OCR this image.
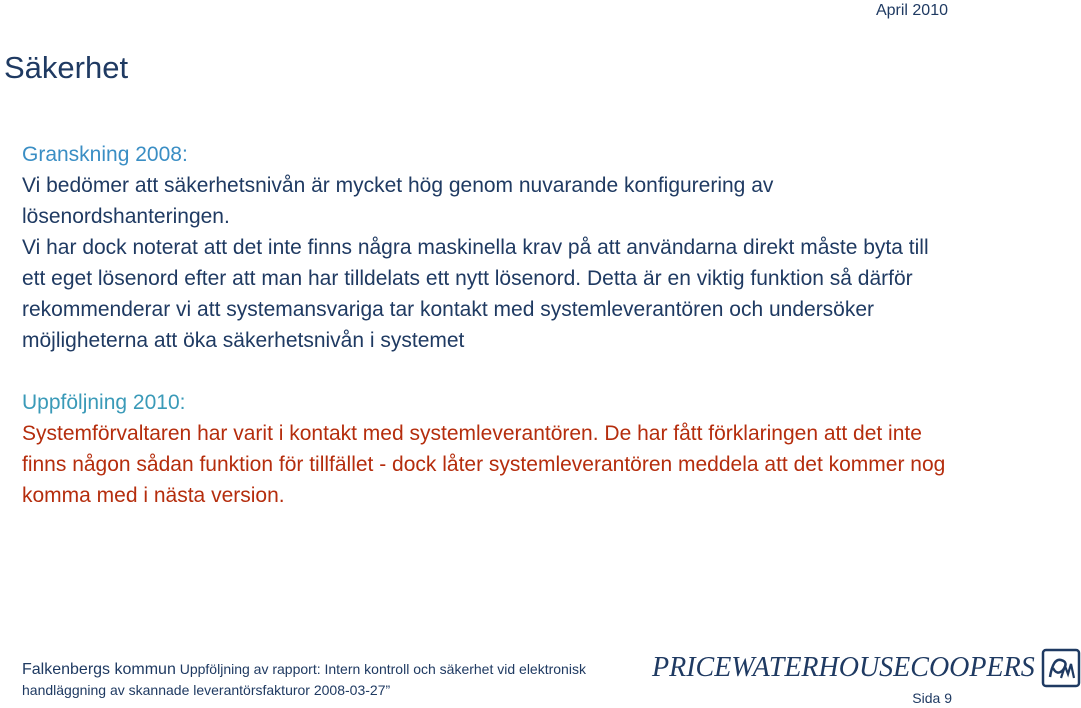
April 2010
Säkerhet

Granskning 2008:

Vi bedömer att säkerhetsnivån är mycket hög genom nuvarande konfigurering av lösenordshanteringen.

Vi har dock noterat att det inte finns några maskinella krav på att användarna direkt måste byta till ett eget lösenord efter att man har tilldelats ett nytt lösenord. Detta är en viktig funktion så därför rekommenderar vi att systemansvariga tar kontakt med systemleverantören och undersöker möjligheterna att öka säkerhetsnivån i systemet

Uppföljning 2010:

Systemförvaltaren har varit i kontakt med systemleverantören. De har fått förklaringen att det inte finns någon sådan funktion för tillfället - dock låter systemleverantören meddela att det kommer nog komma med i nästa version.

Falkenbergs kommun Uppföljning av rapport: Intern kontroll och säkerhet vid elektronisk
handläggning av skannade leverantörsfakturor 2008-03-27”
PRICEWATERHOUSECOOPERS
Sida 9
